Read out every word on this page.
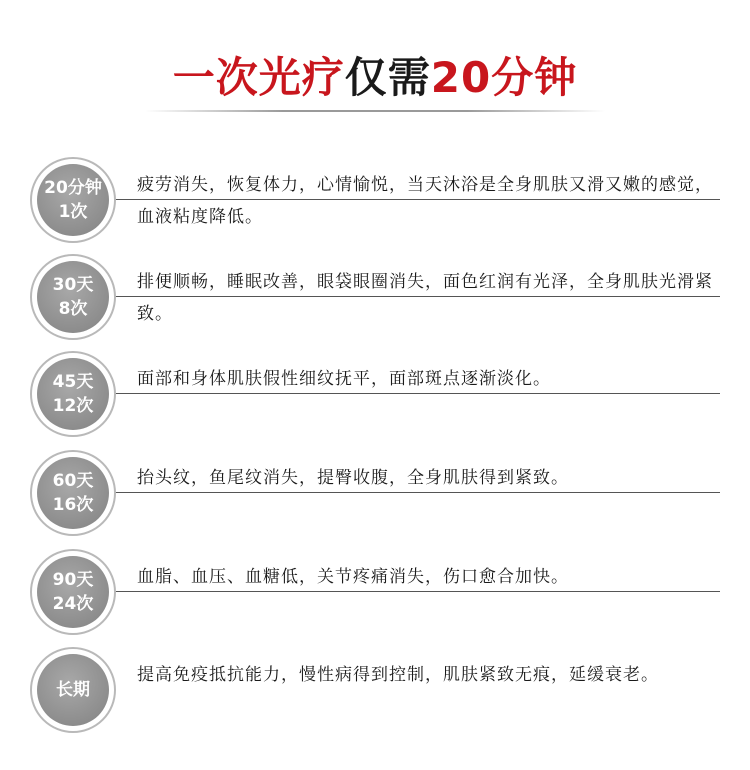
一次光疗仅需20分钟
20分钟
1次
疲劳消失，恢复体力，心情愉悦，当天沐浴是全身肌肤又滑又嫩的感觉，血液粘度降低。
30天
8次
排便顺畅，睡眠改善，眼袋眼圈消失，面色红润有光泽，全身肌肤光滑紧致。
45天
12次
面部和身体肌肤假性细纹抚平，面部斑点逐渐淡化。
60天
16次
抬头纹，鱼尾纹消失，提臀收腹，全身肌肤得到紧致。
90天
24次
血脂、血压、血糖低，关节疼痛消失，伤口愈合加快。
长期
提高免疫抵抗能力，慢性病得到控制，肌肤紧致无痕，延缓衰老。
